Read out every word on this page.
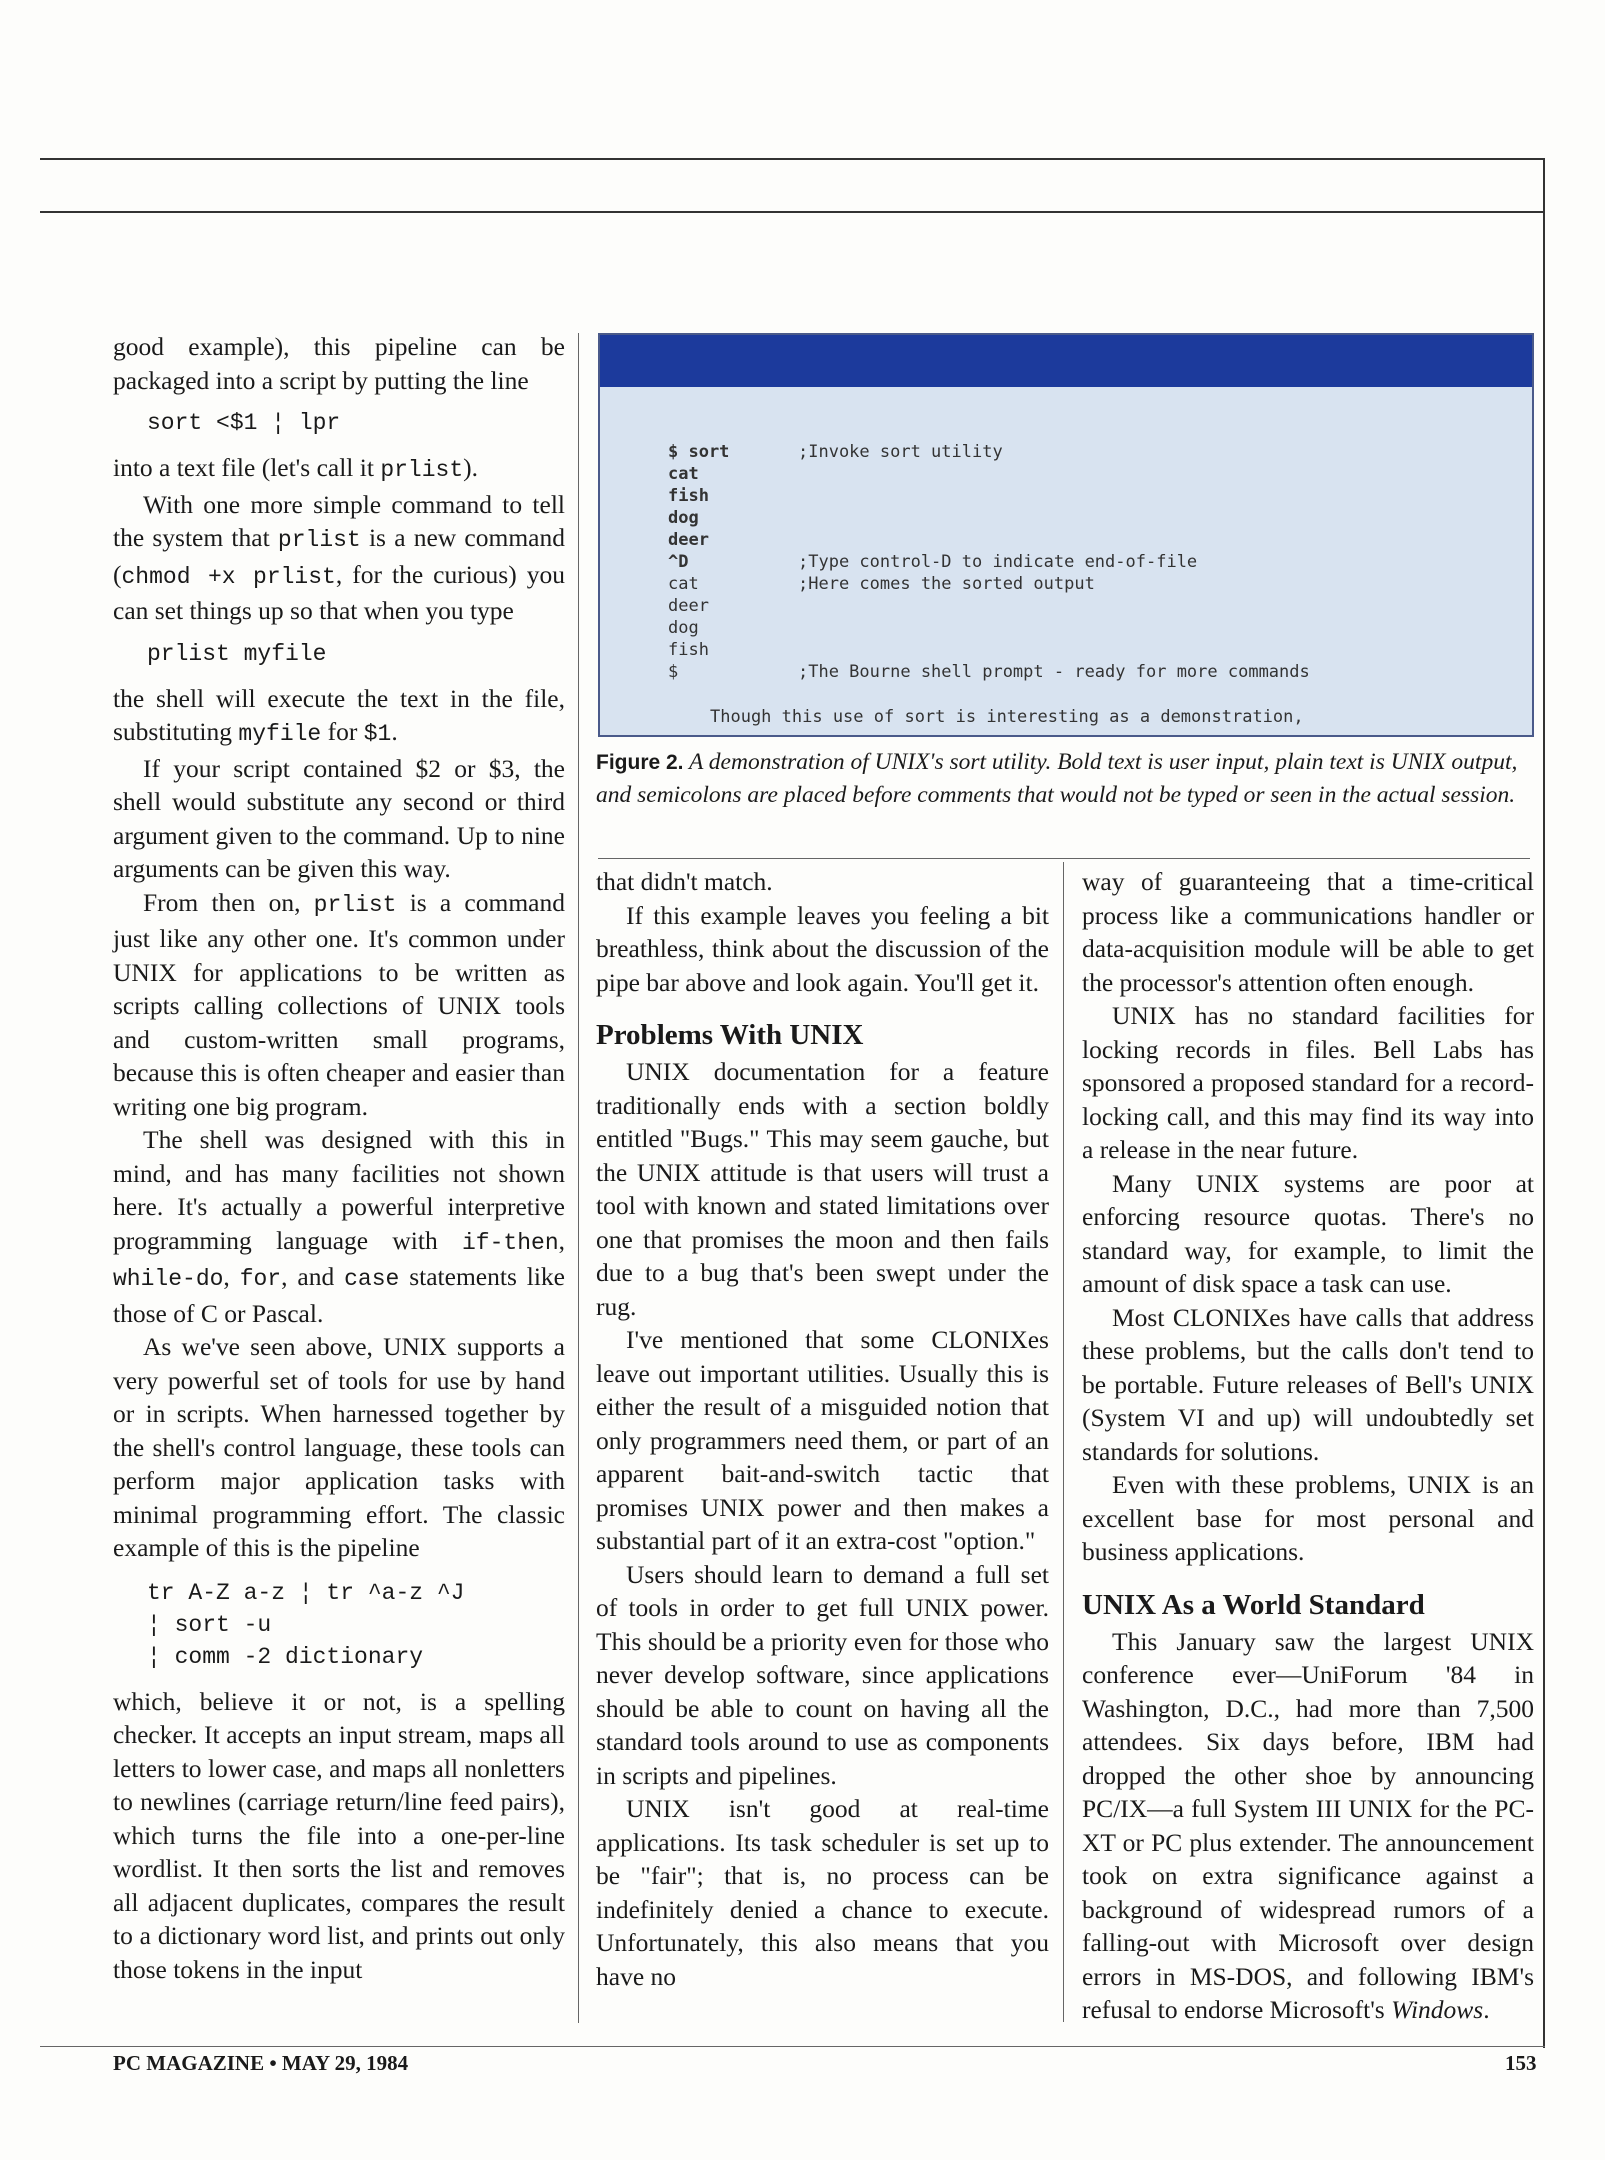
good example), this pipeline can be packaged into a script by putting the line

sort <$1 ¦ lpr

into a text file (let's call it prlist).

With one more simple command to tell the system that prlist is a new command (chmod +x prlist, for the curious) you can set things up so that when you type

prlist myfile

the shell will execute the text in the file, substituting myfile for $1.

If your script contained $2 or $3, the shell would substitute any second or third argument given to the command. Up to nine arguments can be given this way.

From then on, prlist is a command just like any other one. It's common under UNIX for applications to be written as scripts calling collections of UNIX tools and custom-written small programs, because this is often cheaper and easier than writing one big program.

The shell was designed with this in mind, and has many facilities not shown here. It's actually a powerful interpretive programming language with if-then, while-do, for, and case statements like those of C or Pascal.

As we've seen above, UNIX supports a very powerful set of tools for use by hand or in scripts. When harnessed together by the shell's control language, these tools can perform major application tasks with minimal programming effort. The classic example of this is the pipeline

tr A-Z a-z ¦ tr ^a-z ^J
¦ sort -u
¦ comm -2 dictionary

which, believe it or not, is a spelling checker. It accepts an input stream, maps all letters to lower case, and maps all nonletters to newlines (carriage return/line feed pairs), which turns the file into a one-per-line wordlist. It then sorts the list and removes all adjacent duplicates, compares the result to a dictionary word list, and prints out only those tokens in the input

$ sort	;Invoke sort utility
cat
fish
dog
deer
^D	;Type control-D to indicate end-of-file
cat	;Here comes the sorted output
deer
dog
fish
$	;The Bourne shell prompt - ready for more commands
Though this use of sort is interesting as a demonstration,
Figure 2. A demonstration of UNIX's sort utility. Bold text is user input, plain text is UNIX output, and semicolons are placed before comments that would not be typed or seen in the actual session.

that didn't match.

If this example leaves you feeling a bit breathless, think about the discussion of the pipe bar above and look again. You'll get it.

Problems With UNIX

UNIX documentation for a feature traditionally ends with a section boldly entitled "Bugs." This may seem gauche, but the UNIX attitude is that users will trust a tool with known and stated limitations over one that promises the moon and then fails due to a bug that's been swept under the rug.

I've mentioned that some CLONIXes leave out important utilities. Usually this is either the result of a misguided notion that only programmers need them, or part of an apparent bait-and-switch tactic that promises UNIX power and then makes a substantial part of it an extra-cost "option."

Users should learn to demand a full set of tools in order to get full UNIX power. This should be a priority even for those who never develop software, since applications should be able to count on having all the standard tools around to use as components in scripts and pipelines.

UNIX isn't good at real-time applications. Its task scheduler is set up to be "fair"; that is, no process can be indefinitely denied a chance to execute. Unfortunately, this also means that you have no

way of guaranteeing that a time-critical process like a communications handler or data-acquisition module will be able to get the processor's attention often enough.

UNIX has no standard facilities for locking records in files. Bell Labs has sponsored a proposed standard for a record-locking call, and this may find its way into a release in the near future.

Many UNIX systems are poor at enforcing resource quotas. There's no standard way, for example, to limit the amount of disk space a task can use.

Most CLONIXes have calls that address these problems, but the calls don't tend to be portable. Future releases of Bell's UNIX (System VI and up) will undoubtedly set standards for solutions.

Even with these problems, UNIX is an excellent base for most personal and business applications.

UNIX As a World Standard

This January saw the largest UNIX conference ever—UniForum '84 in Washington, D.C., had more than 7,500 attendees. Six days before, IBM had dropped the other shoe by announcing PC/IX—a full System III UNIX for the PC-XT or PC plus extender. The announcement took on extra significance against a background of widespread rumors of a falling-out with Microsoft over design errors in MS-DOS, and following IBM's refusal to endorse Microsoft's Windows.

PC MAGAZINE • MAY 29, 1984	153
